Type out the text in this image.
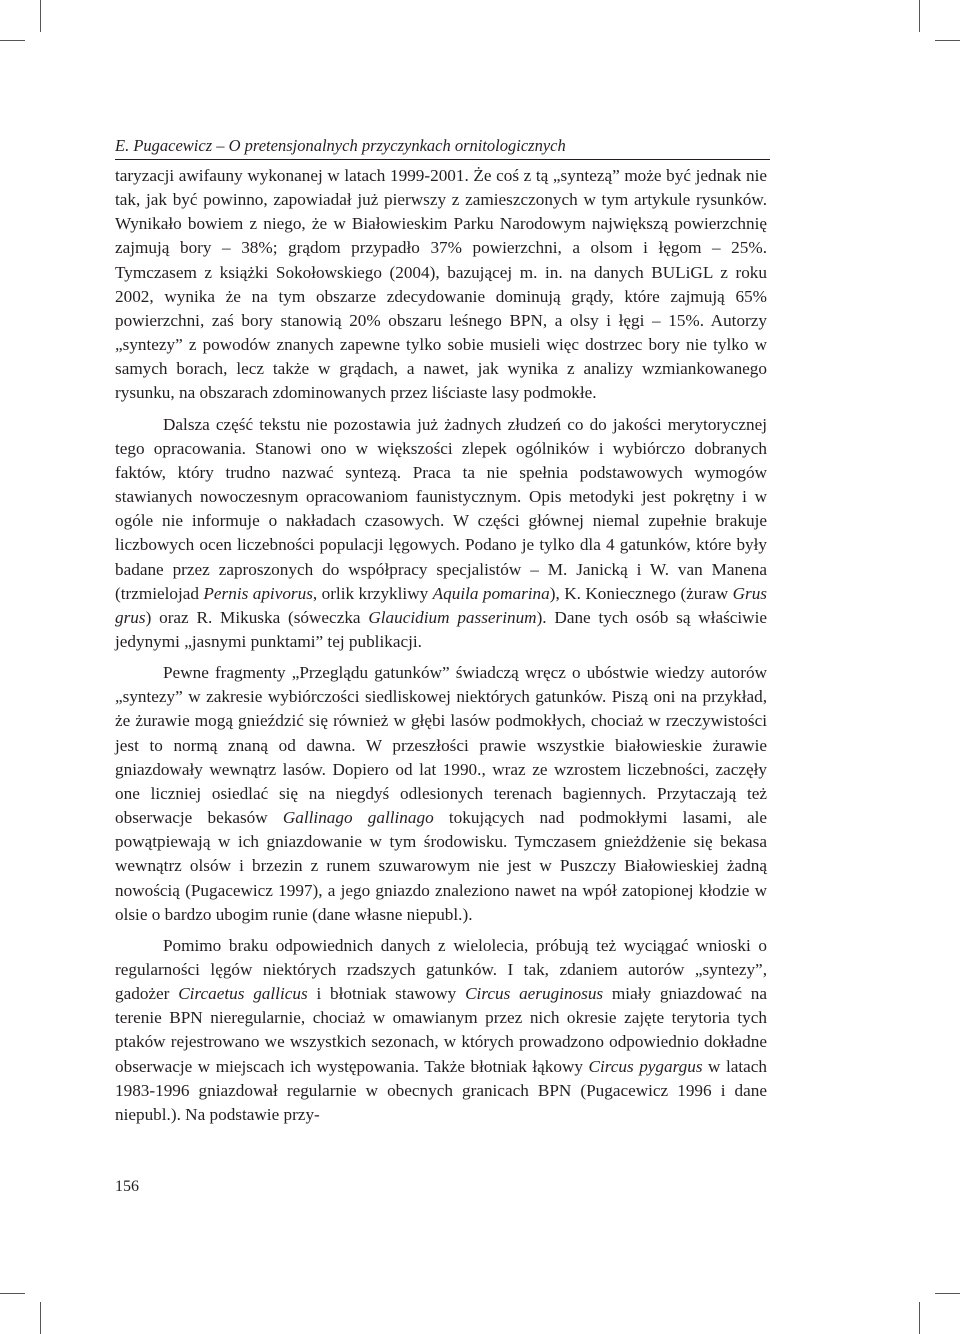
E. Pugacewicz – O pretensjonalnych przyczynkach ornitologicznych

taryzacji awifauny wykonanej w latach 1999-2001. Że coś z tą „syntezą” może być jednak nie tak, jak być powinno, zapowiadał już pierwszy z zamieszczonych w tym artykule rysunków. Wynikało bowiem z niego, że w Białowieskim Parku Narodowym największą powierzchnię zajmują bory – 38%; grądom przypadło 37% powierzchni, a olsom i łęgom – 25%. Tymczasem z książki Sokołowskiego (2004), bazującej m. in. na danych BULiGL z roku 2002, wynika że na tym obszarze zdecydowanie dominują grądy, które zajmują 65% powierzchni, zaś bory stanowią 20% obszaru leśnego BPN, a olsy i łęgi – 15%. Autorzy „syntezy” z powodów znanych zapewne tylko sobie musieli więc dostrzec bory nie tylko w samych borach, lecz także w grądach, a nawet, jak wynika z analizy wzmiankowanego rysunku, na obszarach zdominowanych przez liściaste lasy podmokłe.

Dalsza część tekstu nie pozostawia już żadnych złudzeń co do jakości merytorycznej tego opracowania. Stanowi ono w większości zlepek ogólników i wybiórczo dobranych faktów, który trudno nazwać syntezą. Praca ta nie spełnia podstawowych wymogów stawianych nowoczesnym opracowaniom faunistycznym. Opis metodyki jest pokrętny i w ogóle nie informuje o nakładach czasowych. W części głównej niemal zupełnie brakuje liczbowych ocen liczebności populacji lęgowych. Podano je tylko dla 4 gatunków, które były badane przez zaproszonych do współpracy specjalistów – M. Janicką i W. van Manena (trzmielojad Pernis apivorus, orlik krzykliwy Aquila pomarina), K. Koniecznego (żuraw Grus grus) oraz R. Mikuska (sóweczka Glaucidium passerinum). Dane tych osób są właściwie jedynymi „jasnymi punktami” tej publikacji.

Pewne fragmenty „Przeglądu gatunków” świadczą wręcz o ubóstwie wiedzy autorów „syntezy” w zakresie wybiórczości siedliskowej niektórych gatunków. Piszą oni na przykład, że żurawie mogą gnieździć się również w głębi lasów podmokłych, chociaż w rzeczywistości jest to normą znaną od dawna. W przeszłości prawie wszystkie białowieskie żurawie gniazdowały wewnątrz lasów. Dopiero od lat 1990., wraz ze wzrostem liczebności, zaczęły one liczniej osiedlać się na niegdyś odlesionych terenach bagiennych. Przytaczają też obserwacje bekasów Gallinago gallinago tokujących nad podmokłymi lasami, ale powątpiewają w ich gniazdowanie w tym środowisku. Tymczasem gnieżdżenie się bekasa wewnątrz olsów i brzezin z runem szuwarowym nie jest w Puszczy Białowieskiej żadną nowością (Pugacewicz 1997), a jego gniazdo znaleziono nawet na wpół zatopionej kłodzie w olsie o bardzo ubogim runie (dane własne niepubl.).

Pomimo braku odpowiednich danych z wielolecia, próbują też wyciągać wnioski o regularności lęgów niektórych rzadszych gatunków. I tak, zdaniem autorów „syntezy”, gadożer Circaetus gallicus i błotniak stawowy Circus aeruginosus miały gniazdować na terenie BPN nieregularnie, chociaż w omawianym przez nich okresie zajęte terytoria tych ptaków rejestrowano we wszystkich sezonach, w których prowadzono odpowiednio dokładne obserwacje w miejscach ich występowania. Także błotniak łąkowy Circus pygargus w latach 1983-1996 gniazdował regularnie w obecnych granicach BPN (Pugacewicz 1996 i dane niepubl.). Na podstawie przy-

156
